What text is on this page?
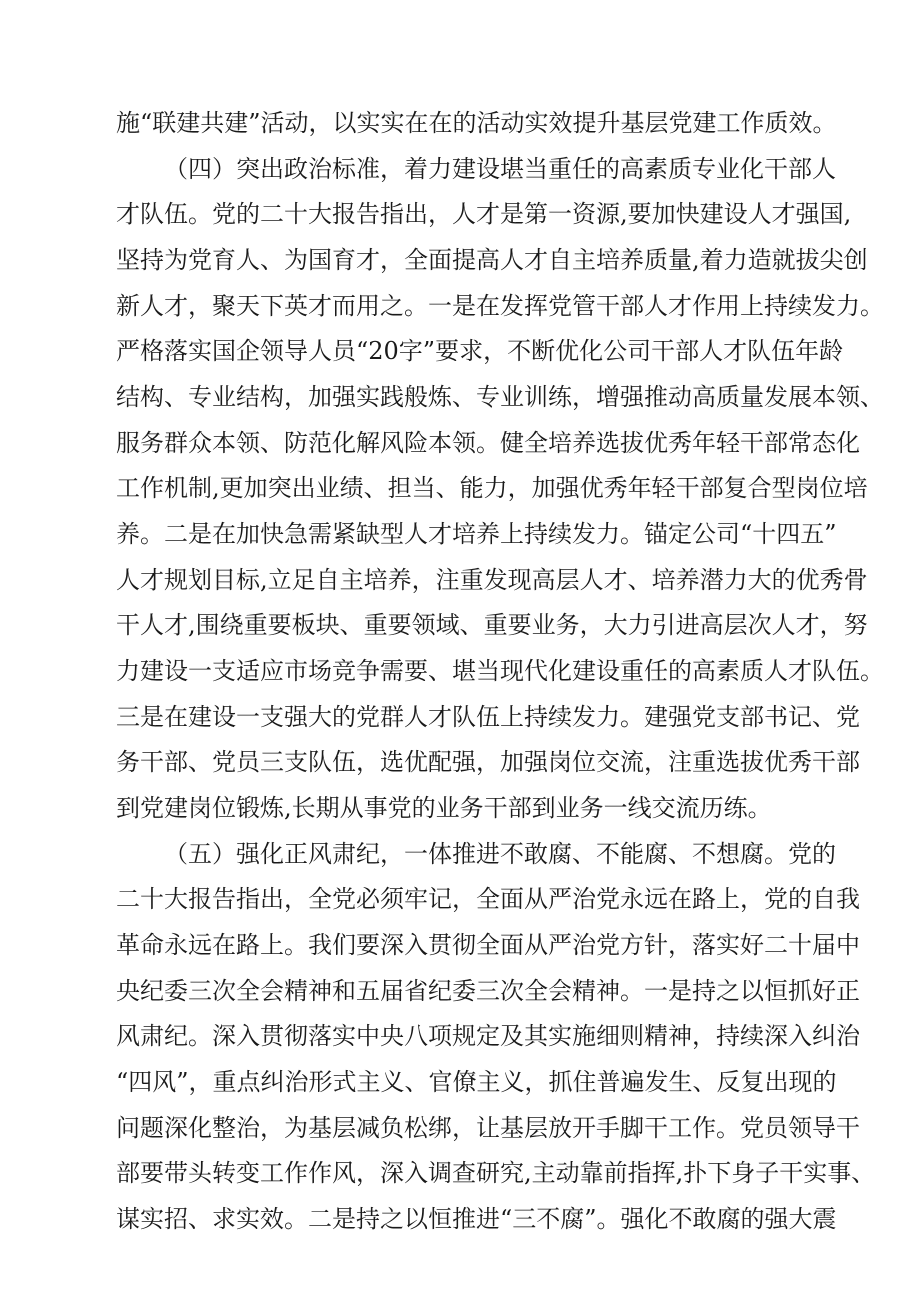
施“联建共建”活动，以实实在在的活动实效提升基层党建工作质效。
（四）突出政治标准，着力建设堪当重任的高素质专业化干部人
才队伍。党的二十大报告指出，人才是第一资源,要加快建设人才强国,
坚持为党育人、为国育才，全面提高人才自主培养质量,着力造就拔尖创
新人才，聚天下英才而用之。一是在发挥党管干部人才作用上持续发力。
严格落实国企领导人员“20字”要求，不断优化公司干部人才队伍年龄
结构、专业结构，加强实践般炼、专业训练，增强推动高质量发展本领、
服务群众本领、防范化解风险本领。健全培养选拔优秀年轻干部常态化
工作机制,更加突出业绩、担当、能力，加强优秀年轻干部复合型岗位培
养。二是在加快急需紧缺型人才培养上持续发力。锚定公司“十四五”
人才规划目标,立足自主培养，注重发现高层人才、培养潜力大的优秀骨
干人才,围绕重要板块、重要领域、重要业务，大力引进高层次人才，努
力建设一支适应市场竞争需要、堪当现代化建设重任的高素质人才队伍。
三是在建设一支强大的党群人才队伍上持续发力。建强党支部书记、党
务干部、党员三支队伍，选优配强，加强岗位交流，注重选拔优秀干部
到党建岗位锻炼,长期从事党的业务干部到业务一线交流历练。
（五）强化正风肃纪，一体推进不敢腐、不能腐、不想腐。党的
二十大报告指出，全党必须牢记，全面从严治党永远在路上，党的自我
革命永远在路上。我们要深入贯彻全面从严治党方针，落实好二十届中
央纪委三次全会精神和五届省纪委三次全会精神。一是持之以恒抓好正
风肃纪。深入贯彻落实中央八项规定及其实施细则精神，持续深入纠治
“四风”，重点纠治形式主义、官僚主义，抓住普遍发生、反复出现的
问题深化整治，为基层减负松绑，让基层放开手脚干工作。党员领导干
部要带头转变工作作风，深入调查研究,主动靠前指挥,扑下身子干实事、
谋实招、求实效。二是持之以恒推进“三不腐”。强化不敢腐的强大震
